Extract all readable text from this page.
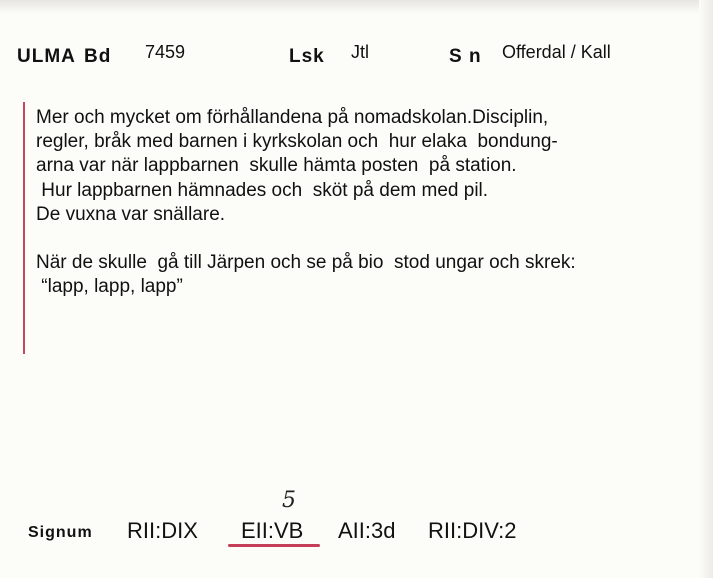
ULMA Bd 7459	Lsk Jtl	S n Offerdal / Kall
Mer och mycket om förhållandena på nomadskolan.Disciplin,
regler, bråk med barnen i kyrkskolan och  hur elaka  bondung-
arna var när lappbarnen  skulle hämta posten  på station.
Hur lappbarnen hämnades och  sköt på dem med pil.
De vuxna var snällare.

När de skulle  gå till Järpen och se på bio  stod ungar och skrek:
“lapp, lapp, lapp”
5
Signum RII:DIX EII:VB AII:3d RII:DIV:2
